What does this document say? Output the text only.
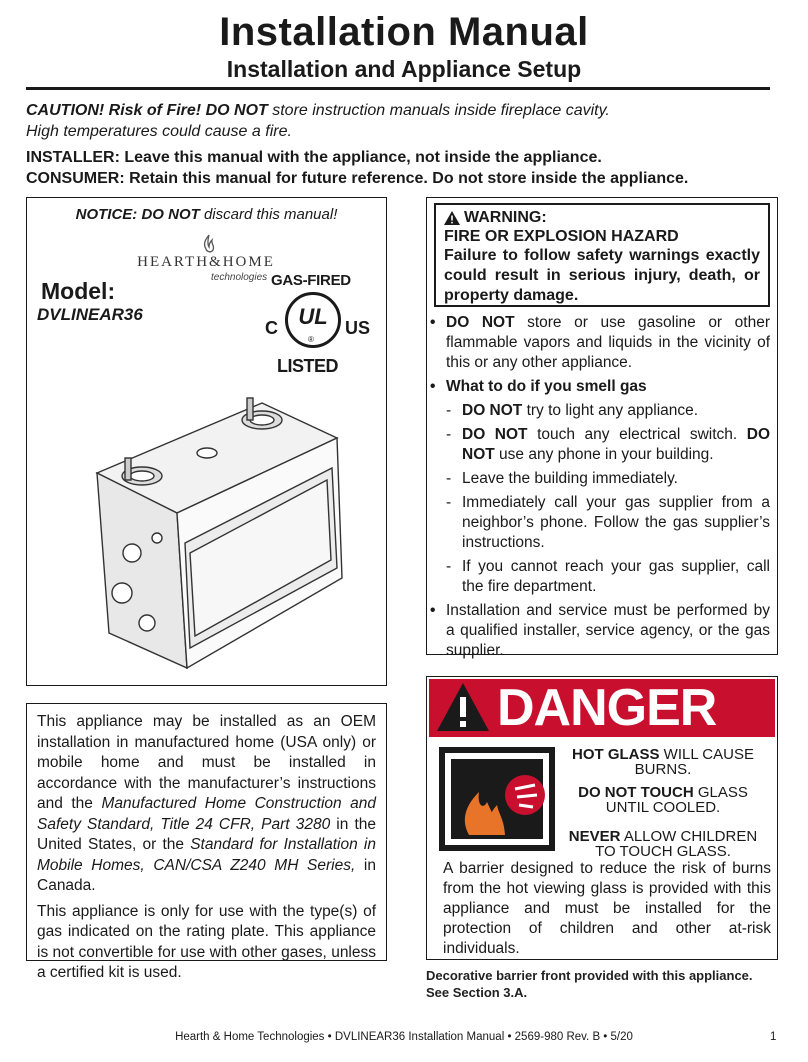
Installation Manual
Installation and Appliance Setup
CAUTION! Risk of Fire! DO NOT store instruction manuals inside fireplace cavity.
High temperatures could cause a fire.
INSTALLER: Leave this manual with the appliance, not inside the appliance.
CONSUMER: Retain this manual for future reference. Do not store inside the appliance.
NOTICE: DO NOT discard this manual!
HEARTH&HOME
technologies
Model:
DVLINEAR36
GAS-FIRED
UL
®
C	US
LISTED
WARNING:
FIRE OR EXPLOSION HAZARD
Failure to follow safety warnings exactly could result in serious injury, death, or property damage.
• DO NOT store or use gasoline or other flammable vapors and liquids in the vicinity of this or any other appliance.
• What to do if you smell gas
- DO NOT try to light any appliance.
- DO NOT touch any electrical switch. DO NOT use any phone in your building.
- Leave the building immediately.
- Immediately call your gas supplier from a neighbor’s phone. Follow the gas supplier’s instructions.
- If you cannot reach your gas supplier, call the fire department.
• Installation and service must be performed by a qualified installer, service agency, or the gas supplier.

This appliance may be installed as an OEM installation in manufactured home (USA only) or mobile home and must be installed in accordance with the manufacturer’s instructions and the Manufactured Home Construction and Safety Standard, Title 24 CFR, Part 3280 in the United States, or the Standard for Installation in Mobile Homes, CAN/CSA Z240 MH Series, in Canada.

This appliance is only for use with the type(s) of gas indicated on the rating plate. This appliance is not convertible for use with other gases, unless a certified kit is used.

DANGER
HOT GLASS WILL CAUSE BURNS.
DO NOT TOUCH GLASS UNTIL COOLED.
NEVER ALLOW CHILDREN TO TOUCH GLASS.
A barrier designed to reduce the risk of burns from the hot viewing glass is provided with this appliance and must be installed for the protection of children and other at-risk individuals.
Decorative barrier front provided with this appliance.
See Section 3.A.
Hearth & Home Technologies • DVLINEAR36 Installation Manual • 2569-980 Rev. B • 5/20	1
